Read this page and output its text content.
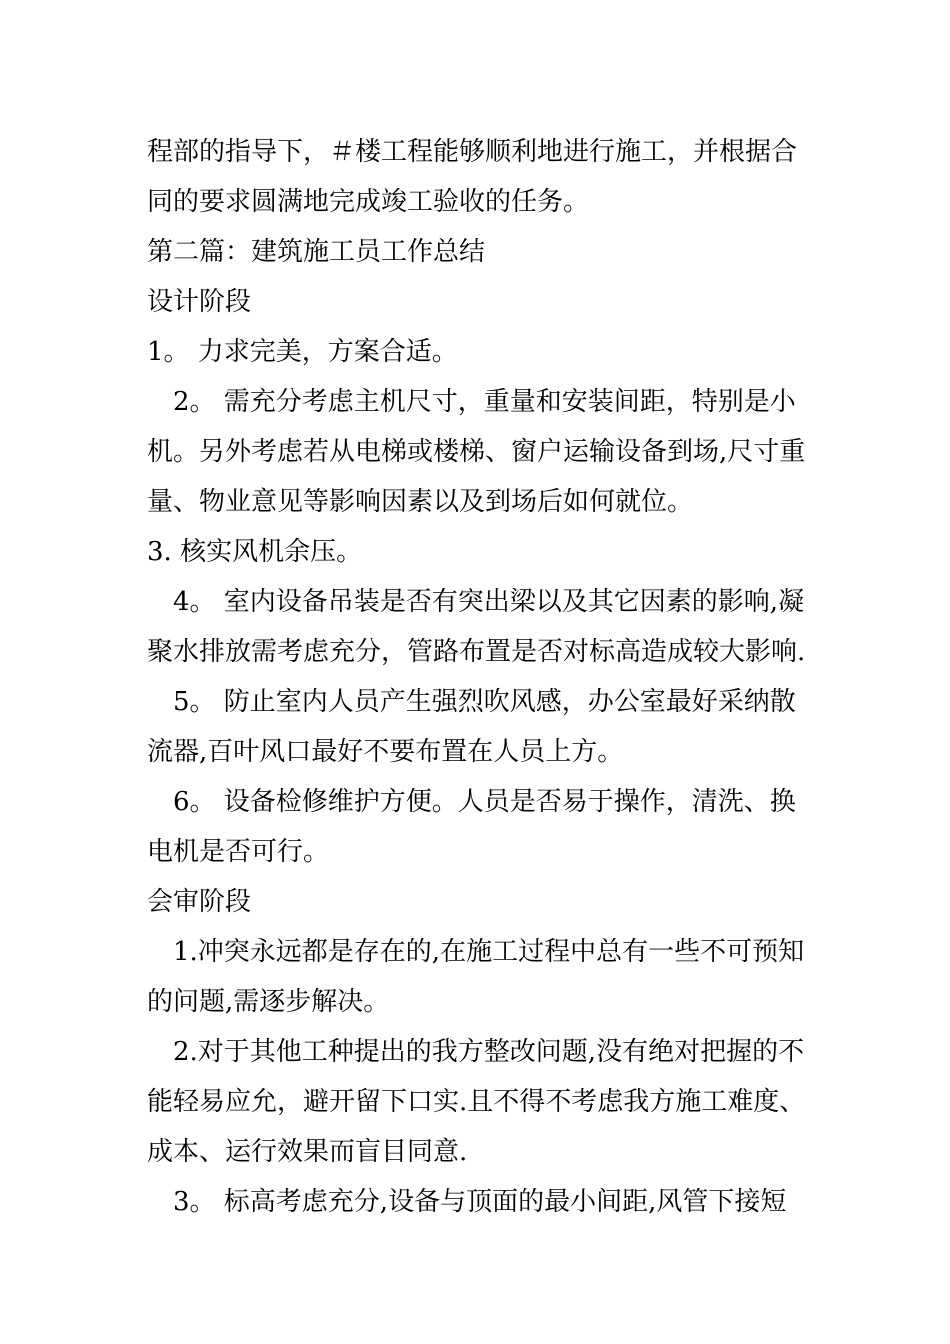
程部的指导下，＃楼工程能够顺利地进行施工，并根据合
同的要求圆满地完成竣工验收的任务。

第二篇：建筑施工员工作总结

设计阶段

1。 力求完美，方案合适。

2。 需充分考虑主机尺寸，重量和安装间距，特别是小
机。另外考虑若从电梯或楼梯、窗户运输设备到场,尺寸重
量、物业意见等影响因素以及到场后如何就位。

3. 核实风机余压。

4。 室内设备吊装是否有突出梁以及其它因素的影响,凝
聚水排放需考虑充分，管路布置是否对标高造成较大影响.

5。 防止室内人员产生强烈吹风感，办公室最好采纳散
流器,百叶风口最好不要布置在人员上方。

6。 设备检修维护方便。人员是否易于操作，清洗、换
电机是否可行。

会审阶段

1.冲突永远都是存在的,在施工过程中总有一些不可预知
的问题,需逐步解决。

2.对于其他工种提出的我方整改问题,没有绝对把握的不
能轻易应允，避开留下口实.且不得不考虑我方施工难度、
成本、运行效果而盲目同意.

3。 标高考虑充分,设备与顶面的最小间距,风管下接短
